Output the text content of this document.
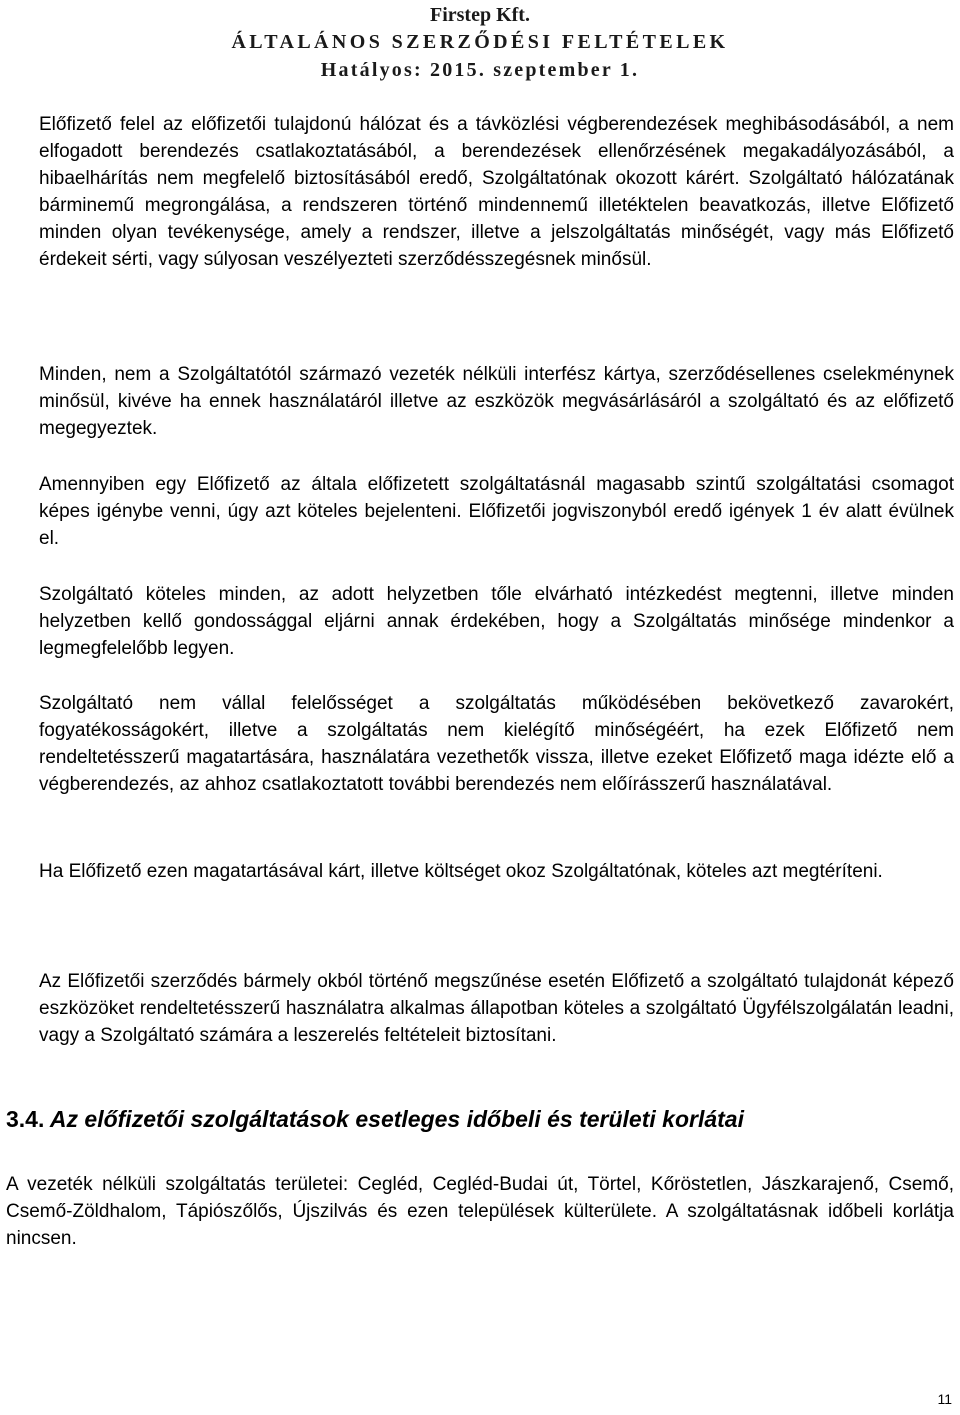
Firstep Kft.
ÁLTALÁNOS SZERZŐDÉSI FELTÉTELEK
Hatályos: 2015. szeptember 1.

Előfizető felel az előfizetői tulajdonú hálózat és a távközlési végberendezések meghibásodásából, a nem elfogadott berendezés csatlakoztatásából, a berendezések ellenőrzésének megakadályozásából, a hibaelhárítás nem megfelelő biztosításából eredő, Szolgáltatónak okozott kárért. Szolgáltató hálózatának bárminemű megrongálása, a rendszeren történő mindennemű illetéktelen beavatkozás, illetve Előfizető minden olyan tevékenysége, amely a rendszer, illetve a jelszolgáltatás minőségét, vagy más Előfizető érdekeit sérti, vagy súlyosan veszélyezteti szerződésszegésnek minősül.

Minden, nem a Szolgáltatótól származó vezeték nélküli interfész kártya, szerződésellenes cselekménynek minősül, kivéve ha ennek használatáról illetve az eszközök megvásárlásáról a szolgáltató és az előfizető megegyeztek.

Amennyiben egy Előfizető az általa előfizetett szolgáltatásnál magasabb szintű szolgáltatási csomagot képes igénybe venni, úgy azt köteles bejelenteni. Előfizetői jogviszonyból eredő igények 1 év alatt évülnek el.

Szolgáltató köteles minden, az adott helyzetben tőle elvárható intézkedést megtenni, illetve minden helyzetben kellő gondossággal eljárni annak érdekében, hogy a Szolgáltatás minősége mindenkor a legmegfelelőbb legyen.

Szolgáltató nem vállal felelősséget a szolgáltatás működésében bekövetkező zavarokért, fogyatékosságokért, illetve a szolgáltatás nem kielégítő minőségéért, ha ezek Előfizető nem rendeltetésszerű magatartására, használatára vezethetők vissza, illetve ezeket Előfizető maga idézte elő a végberendezés, az ahhoz csatlakoztatott további berendezés nem előírásszerű használatával.

Ha Előfizető ezen magatartásával kárt, illetve költséget okoz Szolgáltatónak, köteles azt megtéríteni.

Az Előfizetői szerződés bármely okból történő megszűnése esetén Előfizető a szolgáltató tulajdonát képező eszközöket rendeltetésszerű használatra alkalmas állapotban köteles a szolgáltató Ügyfélszolgálatán leadni, vagy a Szolgáltató számára a leszerelés feltételeit biztosítani.

3.4. Az előfizetői szolgáltatások esetleges időbeli és területi korlátai

A vezeték nélküli szolgáltatás területei: Cegléd, Cegléd-Budai út, Törtel, Kőröstetlen, Jászkarajenő, Csemő, Csemő-Zöldhalom, Tápiószőlős, Újszilvás és ezen települések külterülete. A szolgáltatásnak időbeli korlátja nincsen.

11
